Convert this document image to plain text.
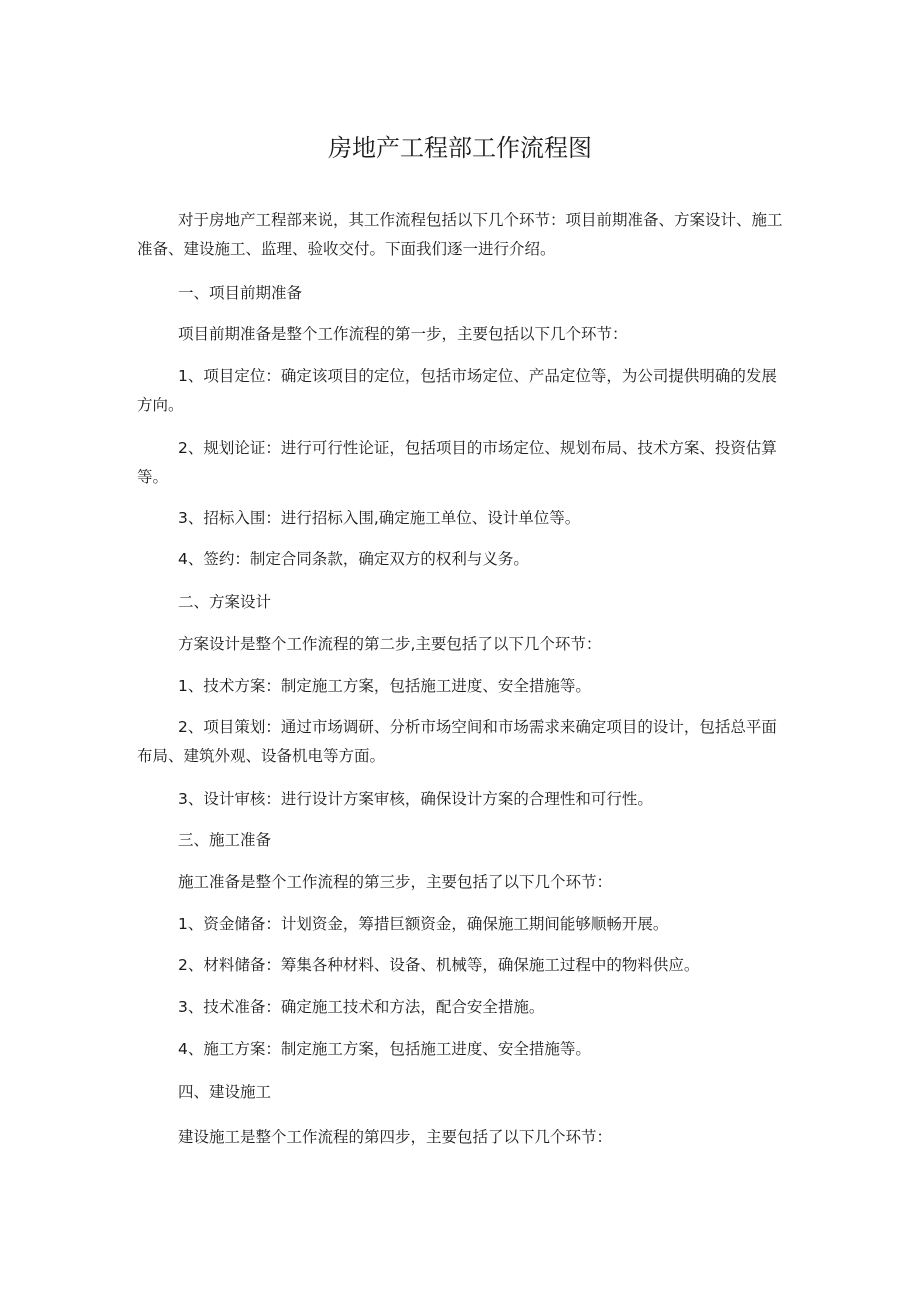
房地产工程部工作流程图
对于房地产工程部来说，其工作流程包括以下几个环节：项目前期准备、方案设计、施工准备、建设施工、监理、验收交付。下面我们逐一进行介绍。
一、项目前期准备
项目前期准备是整个工作流程的第一步，主要包括以下几个环节：
1、项目定位：确定该项目的定位，包括市场定位、产品定位等，为公司提供明确的发展方向。
2、规划论证：进行可行性论证，包括项目的市场定位、规划布局、技术方案、投资估算等。
3、招标入围：进行招标入围,确定施工单位、设计单位等。
4、签约：制定合同条款，确定双方的权利与义务。
二、方案设计
方案设计是整个工作流程的第二步,主要包括了以下几个环节：
1、技术方案：制定施工方案，包括施工进度、安全措施等。
2、项目策划：通过市场调研、分析市场空间和市场需求来确定项目的设计，包括总平面布局、建筑外观、设备机电等方面。
3、设计审核：进行设计方案审核，确保设计方案的合理性和可行性。
三、施工准备
施工准备是整个工作流程的第三步，主要包括了以下几个环节：
1、资金储备：计划资金，筹措巨额资金，确保施工期间能够顺畅开展。
2、材料储备：筹集各种材料、设备、机械等，确保施工过程中的物料供应。
3、技术准备：确定施工技术和方法，配合安全措施。
4、施工方案：制定施工方案，包括施工进度、安全措施等。
四、建设施工
建设施工是整个工作流程的第四步，主要包括了以下几个环节：
